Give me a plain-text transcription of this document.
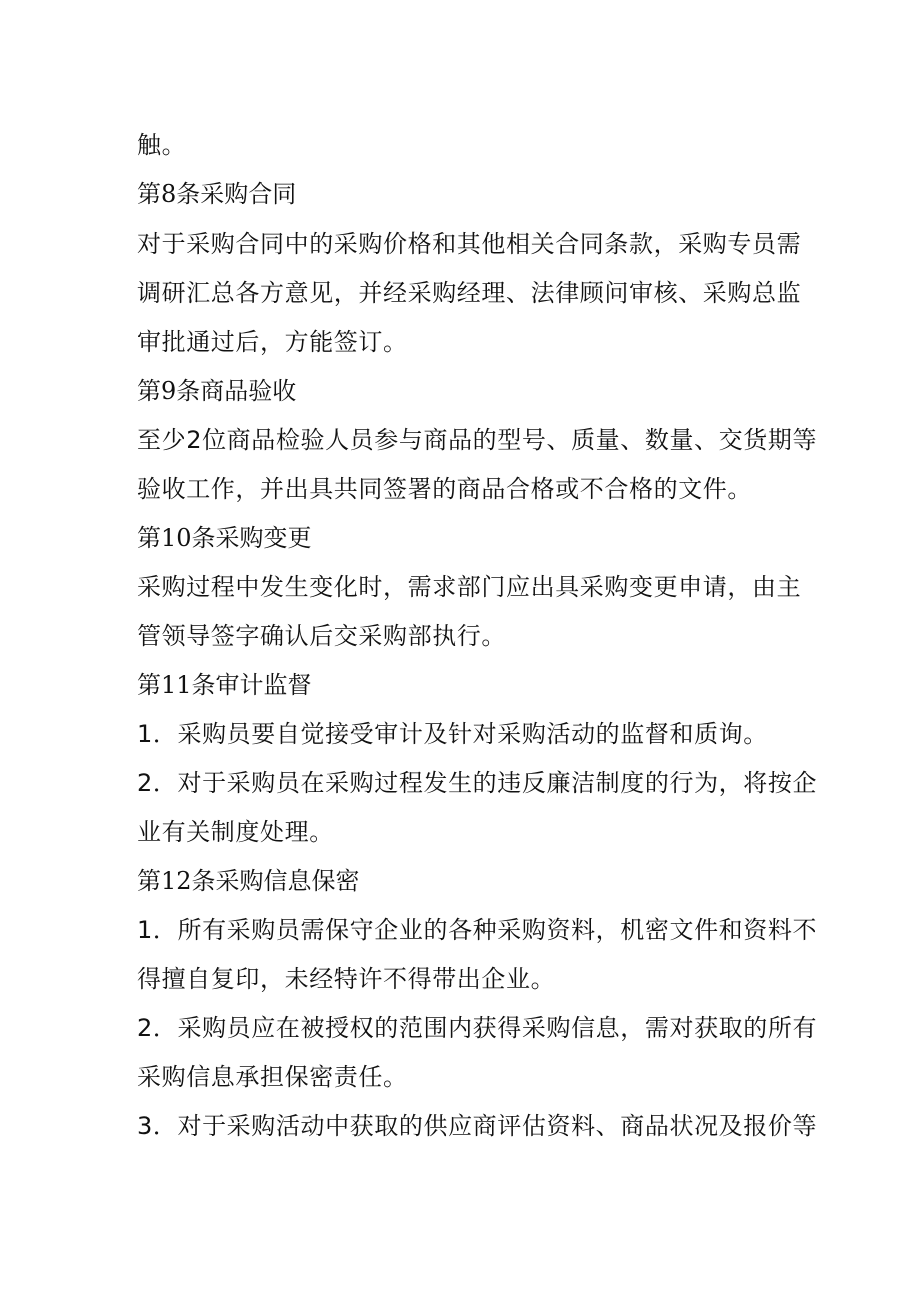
触。
第8条采购合同
对于采购合同中的采购价格和其他相关合同条款，采购专员需
调研汇总各方意见，并经采购经理、法律顾问审核、采购总监
审批通过后，方能签订。
第9条商品验收
至少2位商品检验人员参与商品的型号、质量、数量、交货期等
验收工作，并出具共同签署的商品合格或不合格的文件。
第10条采购变更
采购过程中发生变化时，需求部门应出具采购变更申请，由主
管领导签字确认后交采购部执行。
第11条审计监督
1．采购员要自觉接受审计及针对采购活动的监督和质询。
2．对于采购员在采购过程发生的违反廉洁制度的行为，将按企
业有关制度处理。
第12条采购信息保密
1．所有采购员需保守企业的各种采购资料，机密文件和资料不
得擅自复印，未经特许不得带出企业。
2．采购员应在被授权的范围内获得采购信息，需对获取的所有
采购信息承担保密责任。
3．对于采购活动中获取的供应商评估资料、商品状况及报价等
